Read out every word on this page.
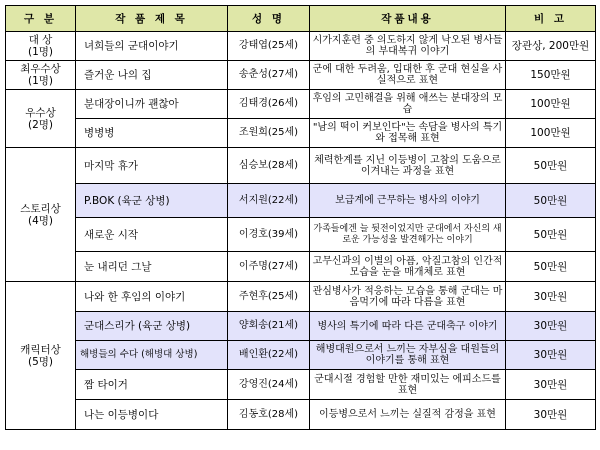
구 분	작 품 제 목	성 명	작품내용	비 고

대 상
(1명)	녀희들의 군대이야기	강태엽(25세)	시가지훈련 중 의도하지 않게 낙오된 병사들의 부대복귀 이야기	장관상, 200만원

최우수상
(1명)	즐거운 나의 집	송춘성(27세)	군에 대한 두려움, 입대한 후 군대 현실을 사실적으로 표현	150만원

우수상
(2명)	분대장이니까 괜찮아	김태경(26세)	후임의 고민해결을 위해 애쓰는 분대장의 모습	100만원
	병병병	조원희(25세)	"남의 떡이 커보인다"는 속담을 병사의 특기와 접목해 표현	100만원

스토리상
(4명)	마지막 휴가	심승보(28세)	체력한계를 지닌 이등병이 고참의 도움으로 이겨내는 과정을 표현	50만원
	P.BOK (육군 상병)	서지원(22세)	보급계에 근무하는 병사의 이야기	50만원
	새로운 시작	이경호(39세)	가족들에겐 늘 뒷전이었지만 군대에서 자신의 새로운 가능성을 발견해가는 이야기	50만원
	눈 내리던 그날	이주명(27세)	고무신과의 이별의 아픔, 악질고참의 인간적 모습을 눈을 매개체로 표현	50만원

캐릭터상
(5명)	나와 한 후임의 이야기	주현후(25세)	관심병사가 적응하는 모습을 통해 군대는 마음먹기에 따라 다름을 표현	30만원
	군대스리가 (육군 상병)	양회송(21세)	병사의 특기에 따라 다른 군대축구 이야기	30만원
	해병들의 수다 (해병대 상병)	배인환(22세)	해병대원으로서 느끼는 자부심을 대원들의 이야기를 통해 표현	30만원
	짬 타이거	강영진(24세)	군대시절 경험할 만한 재미있는 에피소드를 표현	30만원
	나는 이등병이다	김동호(28세)	이등병으로서 느끼는 실질적 감정을 표현	30만원
